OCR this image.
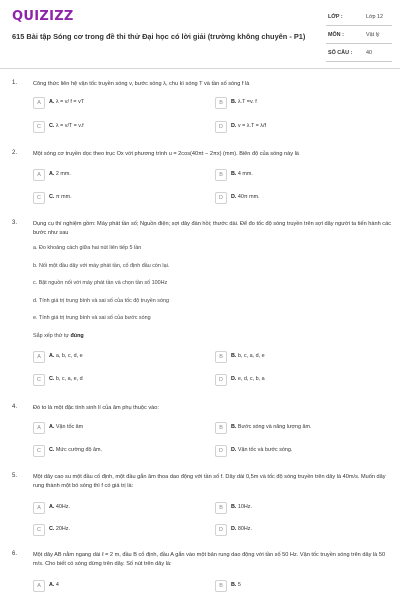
QUIZIZZ
615 Bài tập Sóng cơ trong đề thi thử Đại học có lời giải (trường không chuyên - P1)
LỚP :	Lớp 12
MÔN :	Vật lý
SỐ CÂU :	40
1.	Công thức liên hệ vận tốc truyền sóng v, bước sóng λ, chu kì sóng T và tần số sóng f là
A	A. λ = v/ f = vT	B	B. λ.T =v. f
C	C. λ = v/T = v.f	D	D. v = λ.T = λ/f
2.	Một sóng cơ truyền dọc theo trục Ox với phương trình u = 2cos(40πt − 2πx) (mm). Biên độ của sóng này là
A	A. 2 mm.	B	B. 4 mm.
C	C. π mm.	D	D. 40π mm.
3.	Dụng cụ thí nghiệm gồm: Máy phát tần số; Nguồn điện; sợi dây đàn hồi; thước dài. Để đo tốc độ sóng truyền trên sợi dây người ta tiến hành các bước như sau
a. Đo khoảng cách giữa hai nút liên tiếp 5 lần
b. Nối một đầu dây với máy phát tần, cố định đầu còn lại.
c. Bật nguồn nối với máy phát tần và chọn tần số 100Hz
d. Tính giá trị trung bình và sai số của tốc độ truyền sóng
e. Tính giá trị trung bình và sai số của bước sóng
Sắp xếp thứ tự đúng
A	A. a, b, c, d, e	B	B. b, c, a, d, e
C	C. b, c, a, e, d	D	D. e, d, c, b, a
4.	Đó to là một đặc tính sinh lí của âm phụ thuộc vào:
A	A. Vận tốc âm	B	B. Bước sóng và năng lượng âm.
C	C. Mức cường độ âm.	D	D. Vận tốc và bước sóng.
5.	Một dây cao su một đầu cố định, một đầu gắn âm thoa dao động với tần số f. Dây dài 0,5m và tốc độ sóng truyền trên dây là 40m/s. Muốn dây rung thành một bó sóng thì f có giá trị là:
A	A. 40Hz.	B	B. 10Hz.
C	C. 20Hz.	D	D. 80Hz.
6.	Một dây AB nằm ngang dài ℓ = 2 m, đầu B cố định, đầu A gắn vào một bản rung dao động với tần số 50 Hz. Vận tốc truyền sóng trên dây là 50 m/s. Cho biết có sóng dừng trên dây. Số nút trên dây là:
A	A. 4	B	B. 5
